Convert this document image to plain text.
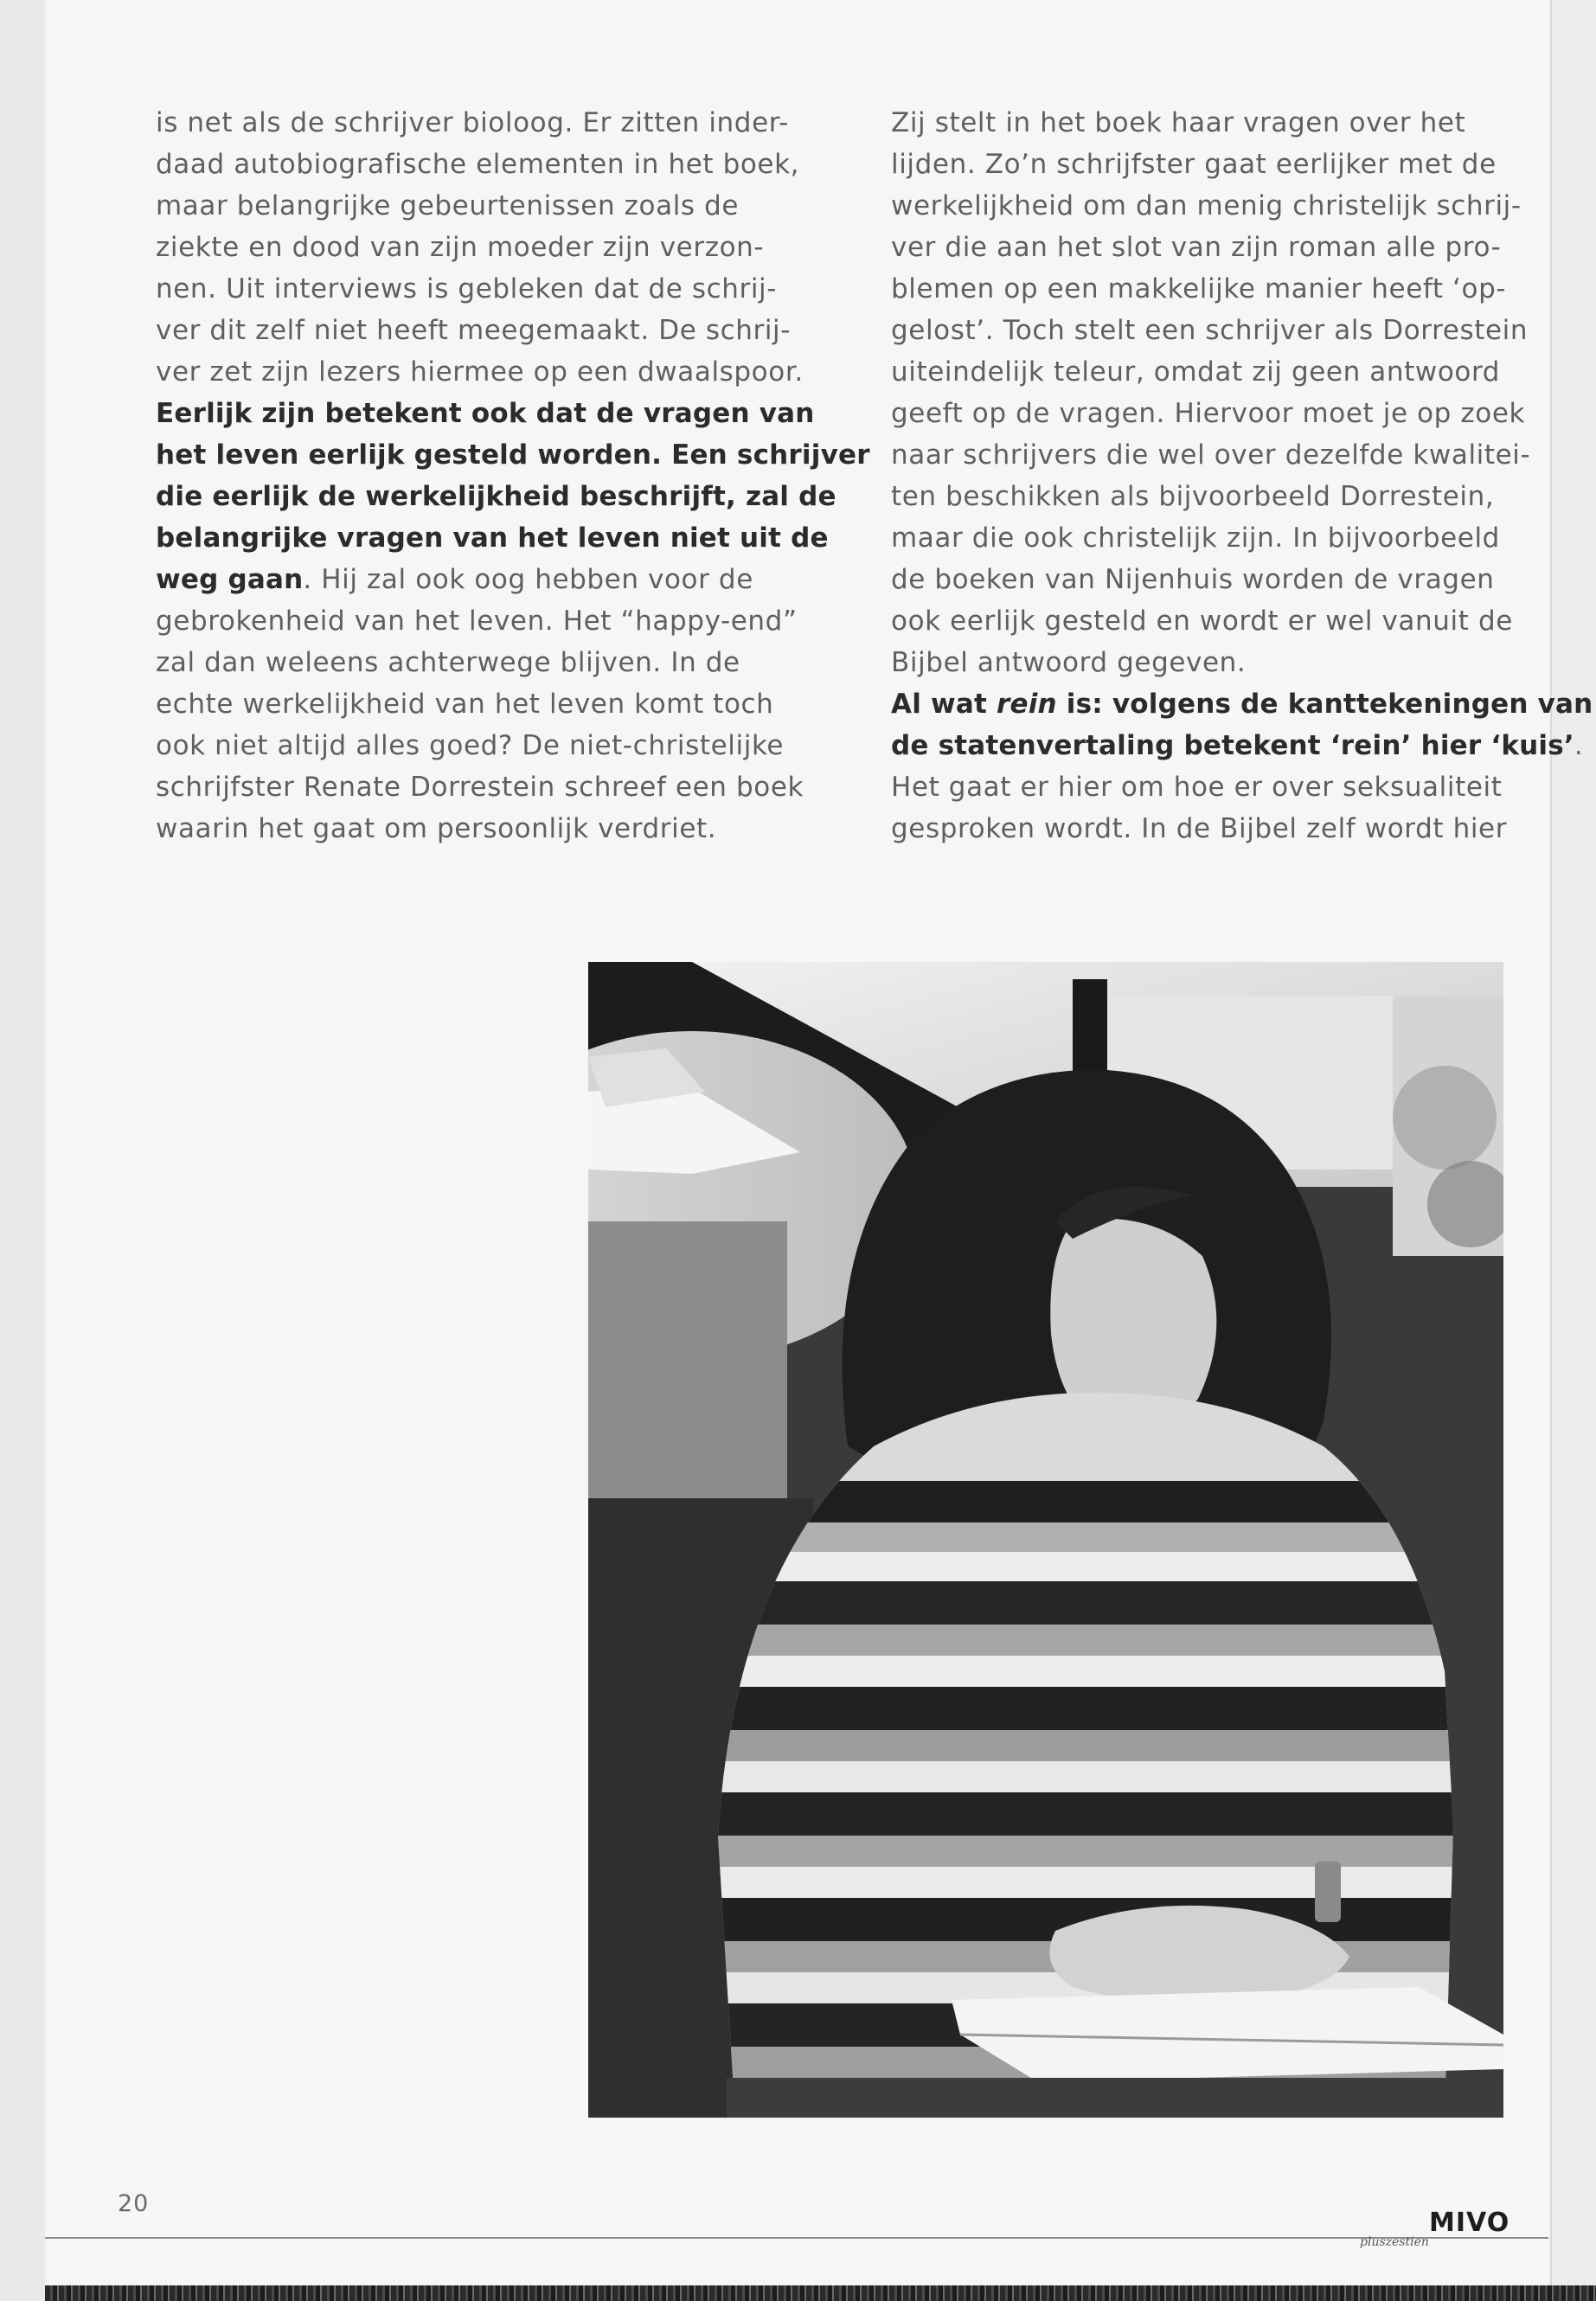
is net als de schrijver bioloog. Er zitten inder-
daad autobiografische elementen in het boek,
maar belangrijke gebeurtenissen zoals de
ziekte en dood van zijn moeder zijn verzon-
nen. Uit interviews is gebleken dat de schrij-
ver dit zelf niet heeft meegemaakt. De schrij-
ver zet zijn lezers hiermee op een dwaalspoor.
Eerlijk zijn betekent ook dat de vragen van
het leven eerlijk gesteld worden. Een schrijver
die eerlijk de werkelijkheid beschrijft, zal de
belangrijke vragen van het leven niet uit de
weg gaan. Hij zal ook oog hebben voor de
gebrokenheid van het leven. Het “happy-end”
zal dan weleens achterwege blijven. In de
echte werkelijkheid van het leven komt toch
ook niet altijd alles goed? De niet-christelijke
schrijfster Renate Dorrestein schreef een boek
waarin het gaat om persoonlijk verdriet.
Zij stelt in het boek haar vragen over het
lijden. Zo’n schrijfster gaat eerlijker met de
werkelijkheid om dan menig christelijk schrij-
ver die aan het slot van zijn roman alle pro-
blemen op een makkelijke manier heeft ‘op-
gelost’. Toch stelt een schrijver als Dorrestein
uiteindelijk teleur, omdat zij geen antwoord
geeft op de vragen. Hiervoor moet je op zoek
naar schrijvers die wel over dezelfde kwalitei-
ten beschikken als bijvoorbeeld Dorrestein,
maar die ook christelijk zijn. In bijvoorbeeld
de boeken van Nijenhuis worden de vragen
ook eerlijk gesteld en wordt er wel vanuit de
Bijbel antwoord gegeven.
Al wat rein is: volgens de kanttekeningen van
de statenvertaling betekent ‘rein’ hier ‘kuis’.
Het gaat er hier om hoe er over seksualiteit
gesproken wordt. In de Bijbel zelf wordt hier
20
MIVO
pluszestien
